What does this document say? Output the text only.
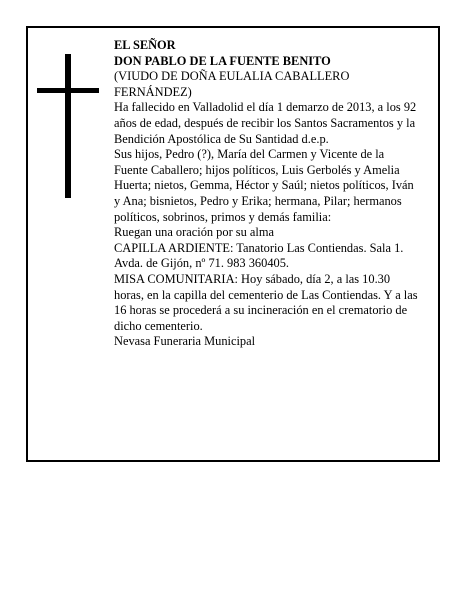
EL SEÑOR

DON PABLO DE LA FUENTE BENITO

(VIUDO DE DOÑA EULALIA CABALLERO FERNÁNDEZ)

Ha fallecido en Valladolid el día 1 demarzo de 2013, a los 92 años de edad, después de recibir los Santos Sacramentos y la Bendición Apostólica de Su Santidad d.e.p.

Sus hijos, Pedro (?), María del Carmen y Vicente de la Fuente Caballero; hijos políticos, Luis Gerbolés y Amelia Huerta; nietos, Gemma, Héctor y Saúl; nietos políticos, Iván y Ana; bisnietos, Pedro y Erika; hermana, Pilar; hermanos políticos, sobrinos, primos y demás familia:

Ruegan una oración por su alma

CAPILLA ARDIENTE: Tanatorio Las Contiendas. Sala 1. Avda. de Gijón, nº 71. 983 360405.

MISA COMUNITARIA: Hoy sábado, día 2, a las 10.30 horas, en la capilla del cementerio de Las Contiendas. Y a las 16 horas se procederá a su incineración en el crematorio de dicho cementerio.

Nevasa Funeraria Municipal
